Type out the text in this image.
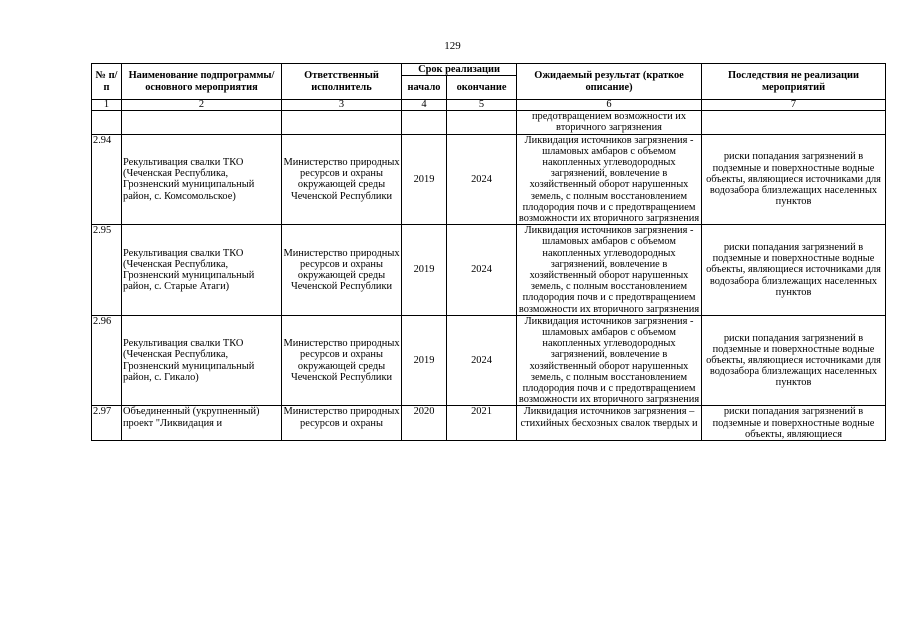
129
№ п/п	Наименование подпрограммы/ основного мероприятия	Ответственный исполнитель	Срок реализации		Ожидаемый результат (краткое описание)	Последствия не реализации мероприятий
			начало	окончание		
1	2	3	4	5	6	7
					предотвращением возможности их вторичного загрязнения	
2.94	Рекультивация свалки ТКО (Чеченская Республика, Грозненский муниципальный район, с. Комсомольское)	Министерство природных ресурсов и охраны окружающей среды Чеченской Республики	2019	2024	Ликвидация источников загрязнения - шламовых амбаров с объемом накопленных углеводородных загрязнений, вовлечение в хозяйственный оборот нарушенных земель, с полным восстановлением плодородия почв и с предотвращением возможности их вторичного загрязнения	риски попадания загрязнений в подземные и поверхностные водные объекты, являющиеся источниками для водозабора близлежащих населенных пунктов
2.95	Рекультивация свалки ТКО (Чеченская Республика, Грозненский муниципальный район, с. Старые Атаги)	Министерство природных ресурсов и охраны окружающей среды Чеченской Республики	2019	2024	Ликвидация источников загрязнения - шламовых амбаров с объемом накопленных углеводородных загрязнений, вовлечение в хозяйственный оборот нарушенных земель, с полным восстановлением плодородия почв и с предотвращением возможности их вторичного загрязнения	риски попадания загрязнений в подземные и поверхностные водные объекты, являющиеся источниками для водозабора близлежащих населенных пунктов
2.96	Рекультивация свалки ТКО (Чеченская Республика, Грозненский муниципальный район, с. Гикало)	Министерство природных ресурсов и охраны окружающей среды Чеченской Республики	2019	2024	Ликвидация источников загрязнения - шламовых амбаров с объемом накопленных углеводородных загрязнений, вовлечение в хозяйственный оборот нарушенных земель, с полным восстановлением плодородия почв и с предотвращением возможности их вторичного загрязнения	риски попадания загрязнений в подземные и поверхностные водные объекты, являющиеся источниками для водозабора близлежащих населенных пунктов
2.97	Объединенный (укрупненный) проект "Ликвидация и	Министерство природных ресурсов и охраны	2020	2021	Ликвидация источников загрязнения – стихийных бесхозных свалок твердых и	риски попадания загрязнений в подземные и поверхностные водные объекты, являющиеся
